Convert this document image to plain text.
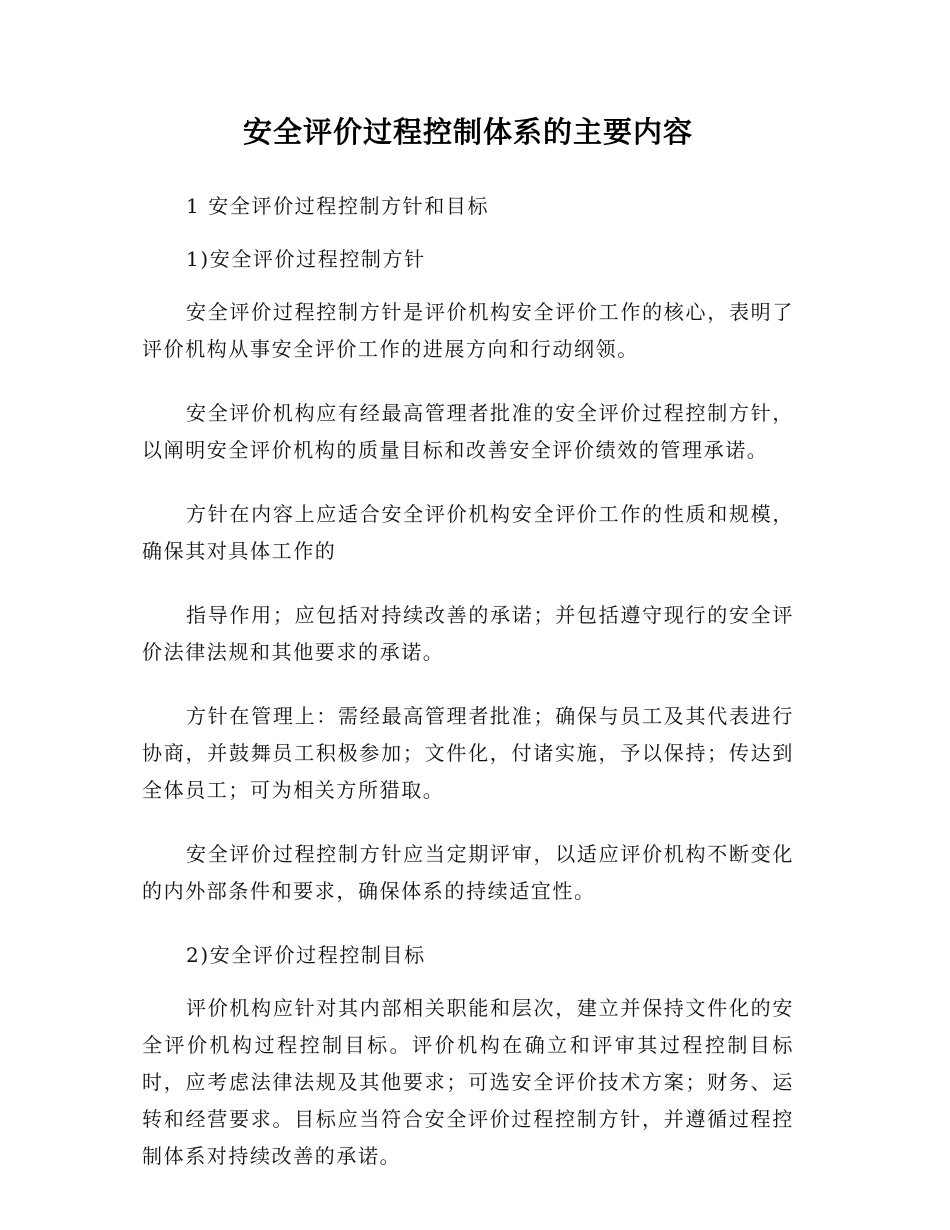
安全评价过程控制体系的主要内容

1 安全评价过程控制方针和目标

1)安全评价过程控制方针

安全评价过程控制方针是评价机构安全评价工作的核心，表明了评价机构从事安全评价工作的进展方向和行动纲领。

安全评价机构应有经最高管理者批准的安全评价过程控制方针，以阐明安全评价机构的质量目标和改善安全评价绩效的管理承诺。

方针在内容上应适合安全评价机构安全评价工作的性质和规模，确保其对具体工作的

指导作用；应包括对持续改善的承诺；并包括遵守现行的安全评价法律法规和其他要求的承诺。

方针在管理上：需经最高管理者批准；确保与员工及其代表进行协商，并鼓舞员工积极参加；文件化，付诸实施，予以保持；传达到全体员工；可为相关方所猎取。

安全评价过程控制方针应当定期评审，以适应评价机构不断变化的内外部条件和要求，确保体系的持续适宜性。

2)安全评价过程控制目标

评价机构应针对其内部相关职能和层次，建立并保持文件化的安全评价机构过程控制目标。评价机构在确立和评审其过程控制目标时，应考虑法律法规及其他要求；可选安全评价技术方案；财务、运转和经营要求。目标应当符合安全评价过程控制方针，并遵循过程控制体系对持续改善的承诺。
